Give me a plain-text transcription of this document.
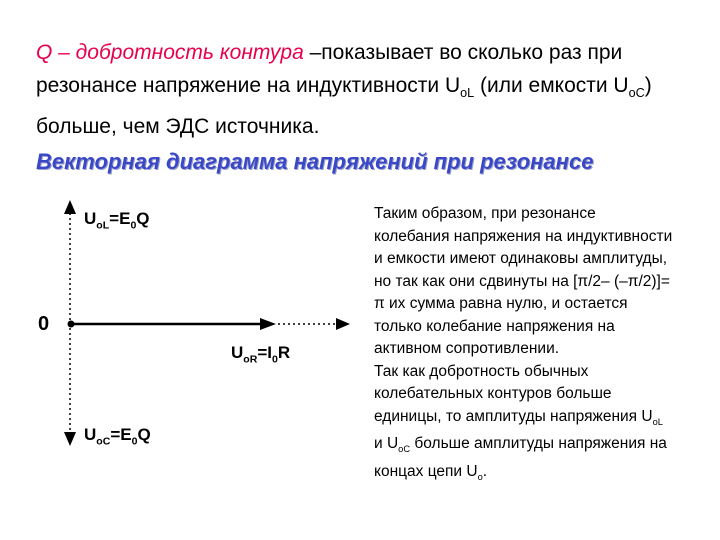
Q – добротность контура –показывает во сколько раз при резонансе напряжение на индуктивности $U_{oL}$ (или емкости $U_{oC}$) больше, чем ЭДС источника.

Векторная диаграмма напряжений при резонансе
0
$U_{oL}=E_0Q$
$U_{oC}=E_0Q$
$U_{oR}=I_0R$

Таким образом, при резонансе колебания напряжения на индуктивности и емкости имеют одинаковы амплитуды, но так как они сдвинуты на [π/2– (–π/2)]= π их сумма равна нулю, и остается только колебание напряжения на активном сопротивлении.

Так как добротность обычных колебательных контуров больше единицы, то амплитуды напряжения $U_{oL}$ и $U_{oC}$ больше амплитуды напряжения на концах цепи $U_o$.
